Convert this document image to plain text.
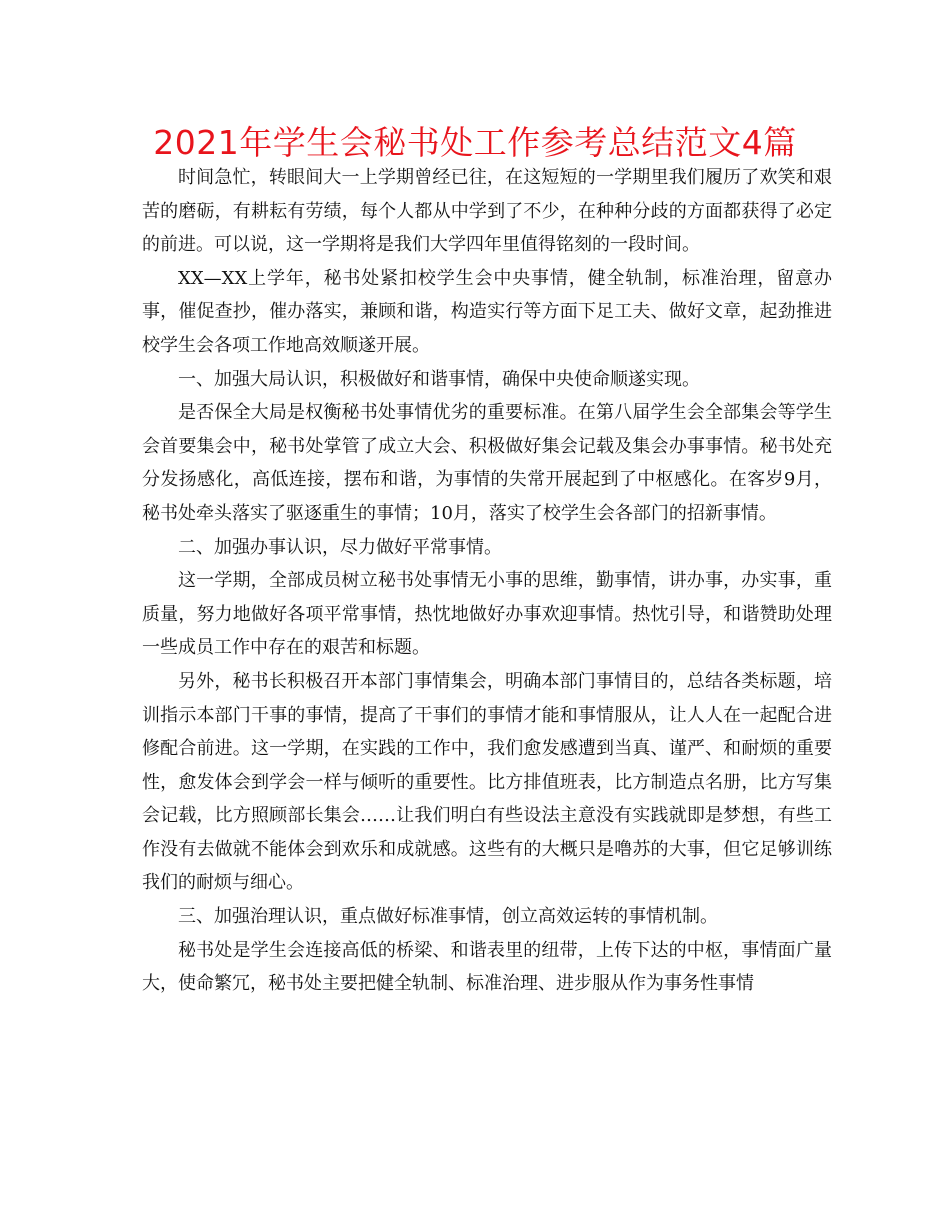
2021年学生会秘书处工作参考总结范文4篇

时间急忙，转眼间大一上学期曾经已往，在这短短的一学期里我们履历了欢笑和艰苦的磨砺，有耕耘有劳绩，每个人都从中学到了不少，在种种分歧的方面都获得了必定的前进。可以说，这一学期将是我们大学四年里值得铭刻的一段时间。

XX—XX上学年，秘书处紧扣校学生会中央事情，健全轨制，标准治理，留意办事，催促查抄，催办落实，兼顾和谐，构造实行等方面下足工夫、做好文章，起劲推进校学生会各项工作地高效顺遂开展。

一、加强大局认识，积极做好和谐事情，确保中央使命顺遂实现。

是否保全大局是权衡秘书处事情优劣的重要标准。在第八届学生会全部集会等学生会首要集会中，秘书处掌管了成立大会、积极做好集会记载及集会办事事情。秘书处充分发扬感化，高低连接，摆布和谐，为事情的失常开展起到了中枢感化。在客岁9月，秘书处牵头落实了驱逐重生的事情；10月，落实了校学生会各部门的招新事情。

二、加强办事认识，尽力做好平常事情。

这一学期，全部成员树立秘书处事情无小事的思维，勤事情，讲办事，办实事，重质量，努力地做好各项平常事情，热忱地做好办事欢迎事情。热忱引导，和谐赞助处理一些成员工作中存在的艰苦和标题。

另外，秘书长积极召开本部门事情集会，明确本部门事情目的，总结各类标题，培训指示本部门干事的事情，提高了干事们的事情才能和事情服从，让人人在一起配合进修配合前进。这一学期，在实践的工作中，我们愈发感遭到当真、谨严、和耐烦的重要性，愈发体会到学会一样与倾听的重要性。比方排值班表，比方制造点名册，比方写集会记载，比方照顾部长集会……让我们明白有些设法主意没有实践就即是梦想，有些工作没有去做就不能体会到欢乐和成就感。这些有的大概只是噜苏的大事，但它足够训练我们的耐烦与细心。

三、加强治理认识，重点做好标准事情，创立高效运转的事情机制。

秘书处是学生会连接高低的桥梁、和谐表里的纽带，上传下达的中枢，事情面广量大，使命繁冗，秘书处主要把健全轨制、标准治理、进步服从作为事务性事情
